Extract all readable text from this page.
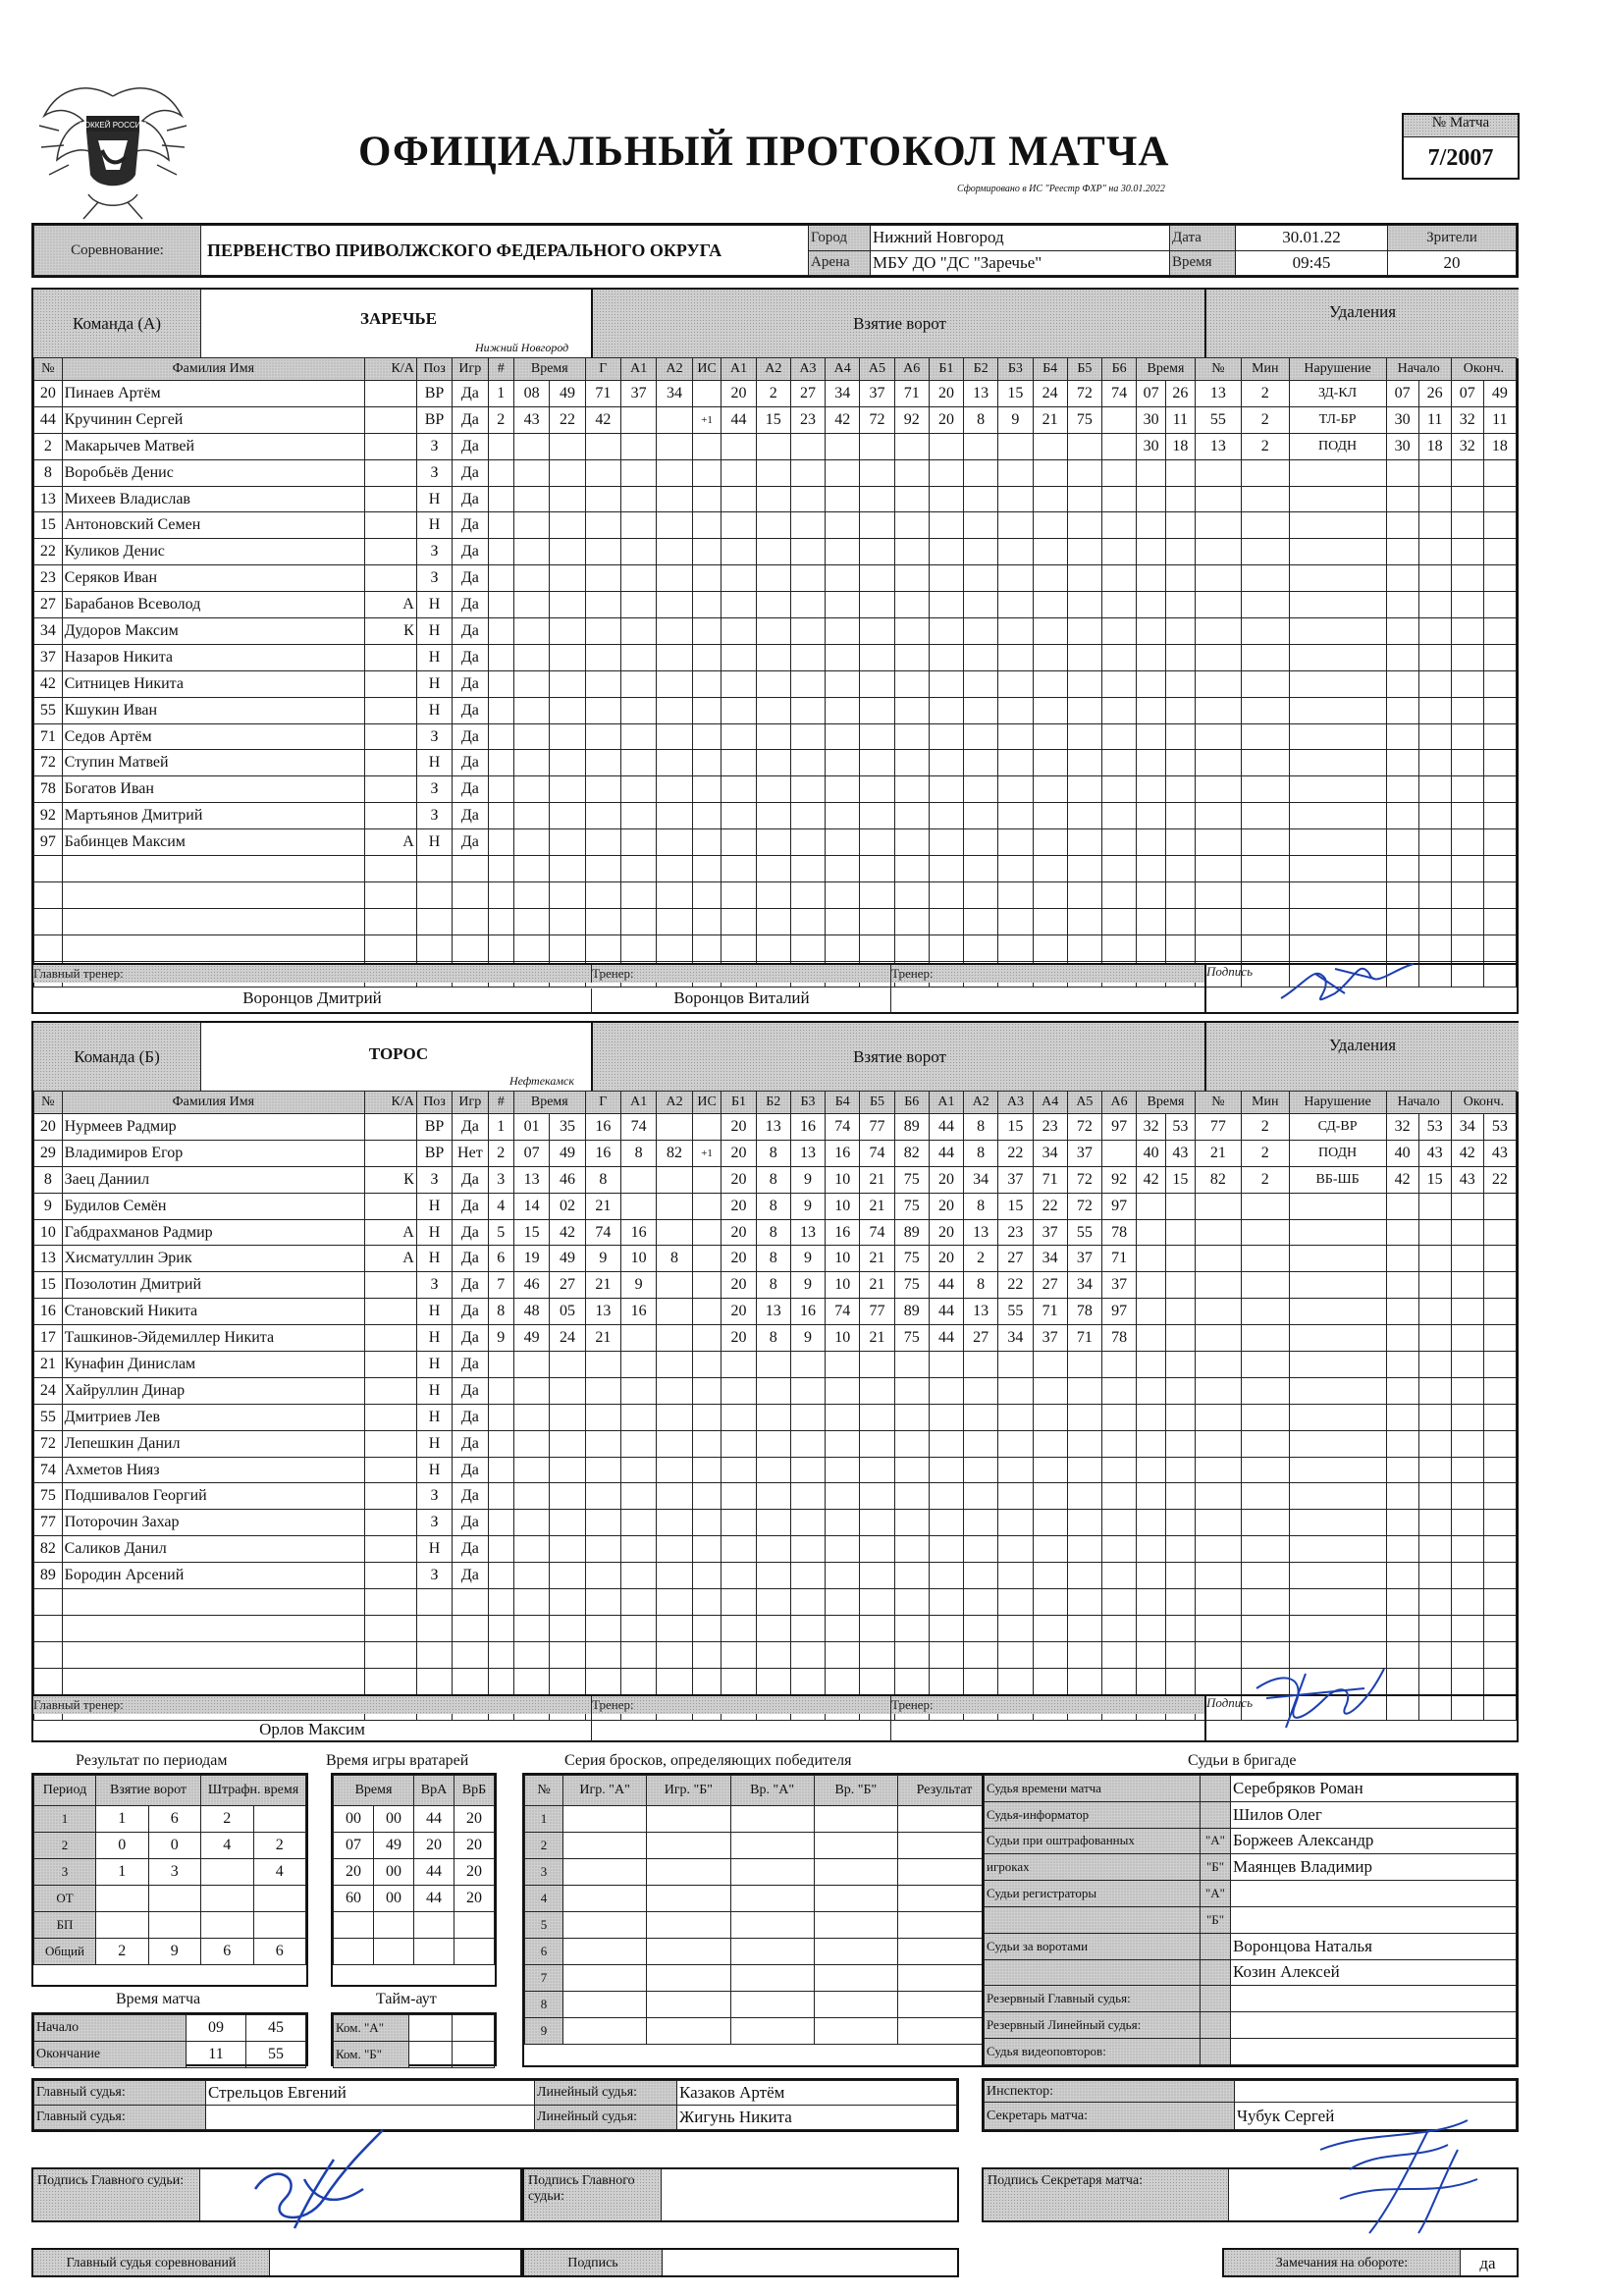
ХОККЕЙ РОССИИ
ОФИЦИАЛЬНЫЙ ПРОТОКОЛ МАТЧА
Сформировано в ИС "Реестр ФХР" на 30.01.2022
№ Матча
7/2007
Соревнование:	ПЕРВЕНСТВО ПРИВОЛЖСКОГО ФЕДЕРАЛЬНОГО ОКРУГА	Город	Нижний Новгород	Дата	30.01.22	Зрители
		Арена	МБУ ДО "ДС "Заречье"	Время	09:45	20
Команда (А)	ЗАРЕЧЬЕ
Нижний Новгород
Взятие ворот
Удаления
№	Фамилия Имя	К/А	Поз	Игр	#	Время		Г	А1	А2	ИС	А1	А2	А3	А4	А5	А6	Б1	Б2	Б3	Б4	Б5	Б6	Время		№	Мин	Нарушение	Начало		Оконч.	
20	Пинаев Артём		ВР	Да	1	08	49	71	37	34		20	2	27	34	37	71	20	13	15	24	72	74	07	26	13	2	ЗД-КЛ	07	26	07	49
44	Кручинин Сергей		ВР	Да	2	43	22	42			+1	44	15	23	42	72	92	20	8	9	21	75		30	11	55	2	ТЛ-БР	30	11	32	11
2	Макарычев Матвей		З	Да																				30	18	13	2	ПОДН	30	18	32	18
8	Воробьёв Денис		З	Да																												
13	Михеев Владислав		Н	Да																												
15	Антоновский Семен		Н	Да																												
22	Куликов Денис		З	Да																												
23	Серяков Иван		З	Да																												
27	Барабанов Всеволод	А	Н	Да																												
34	Дудоров Максим	К	Н	Да																												
37	Назаров Никита		Н	Да																												
42	Ситницев Никита		Н	Да																												
55	Кшукин Иван		Н	Да																												
71	Седов Артём		З	Да																												
72	Ступин Матвей		Н	Да																												
78	Богатов Иван		З	Да																												
92	Мартьянов Дмитрий		З	Да																												
97	Бабинцев Максим	А	Н	Да																												

Главный тренер:
Воронцов Дмитрий
Тренер:
Воронцов Виталий
Тренер:	Подпись
Команда (Б)	ТОРОС
Нефтекамск
Взятие ворот
Удаления
№	Фамилия Имя	К/А	Поз	Игр	#	Время		Г	А1	А2	ИС	Б1	Б2	Б3	Б4	Б5	Б6	А1	А2	А3	А4	А5	А6	Время		№	Мин	Нарушение	Начало		Оконч.	
20	Нурмеев Радмир		ВР	Да	1	01	35	16	74			20	13	16	74	77	89	44	8	15	23	72	97	32	53	77	2	СД-ВР	32	53	34	53
29	Владимиров Егор		ВР	Нет	2	07	49	16	8	82	+1	20	8	13	16	74	82	44	8	22	34	37		40	43	21	2	ПОДН	40	43	42	43
8	Заец Даниил	К	З	Да	3	13	46	8				20	8	9	10	21	75	20	34	37	71	72	92	42	15	82	2	ВБ-ШБ	42	15	43	22
9	Будилов Семён		Н	Да	4	14	02	21				20	8	9	10	21	75	20	8	15	22	72	97									
10	Габдрахманов Радмир	А	Н	Да	5	15	42	74	16			20	8	13	16	74	89	20	13	23	37	55	78									
13	Хисматуллин Эрик	А	Н	Да	6	19	49	9	10	8		20	8	9	10	21	75	20	2	27	34	37	71									
15	Позолотин Дмитрий		З	Да	7	46	27	21	9			20	8	9	10	21	75	44	8	22	27	34	37									
16	Становский Никита		Н	Да	8	48	05	13	16			20	13	16	74	77	89	44	13	55	71	78	97									
17	Ташкинов-Эйдемиллер Никита		Н	Да	9	49	24	21				20	8	9	10	21	75	44	27	34	37	71	78									
21	Кунафин Динислам		Н	Да																												
24	Хайруллин Динар		Н	Да																												
55	Дмитриев Лев		Н	Да																												
72	Лепешкин Данил		Н	Да																												
74	Ахметов Нияз		Н	Да																												
75	Подшивалов Георгий		З	Да																												
77	Поторочин Захар		З	Да																												
82	Саликов Данил		Н	Да																												
89	Бородин Арсений		З	Да																												

Главный тренер:
Орлов Максим
Тренер:	Тренер:	Подпись
Результат по периодам	Время игры вратарей	Серия бросков, определяющих победителя	Судьи в бригаде
Период	Взятие ворот		Штрафн. время	
1	1	6	2	
2	0	0	4	2
3	1	3		4
ОТ				
БП				
Общий	2	9	6	6
Время		ВрА	ВрБ
00	00	44	20
07	49	20	20
20	00	44	20
60	00	44	20

Время матча
Начало	09	45
Окончание	11	55
Тайм-аут
Ком. "А"		
Ком. "Б"		
№	Игр. "А"	Игр. "Б"	Вр. "А"	Вр. "Б"	Результат
1					
2					
3					
4					
5					
6					
7					
8					
9					
Судья времени матча		Серебряков Роман
Судья-информатор		Шилов Олег
Судьи при оштрафованных	"А"	Боржеев Александр
игроках	"Б"	Маянцев Владимир
Судьи регистраторы	"А"	
	"Б"	
Судьи за воротами		Воронцова Наталья
		Козин Алексей
Резервный Главный судья:		
Резервный Линейный судья:		
Судья видеоповторов:		
Главный судья:	Стрельцов Евгений	Линейный судья:	Казаков Артём
Главный судья:		Линейный судья:	Жигунь Никита
Инспектор:	
Секретарь матча:	Чубук Сергей
Подпись Главного судьи:	Подпись Главного судьи:
Подпись Секретаря матча:
Главный судья соревнований	Подпись	Замечания на обороте:	да
